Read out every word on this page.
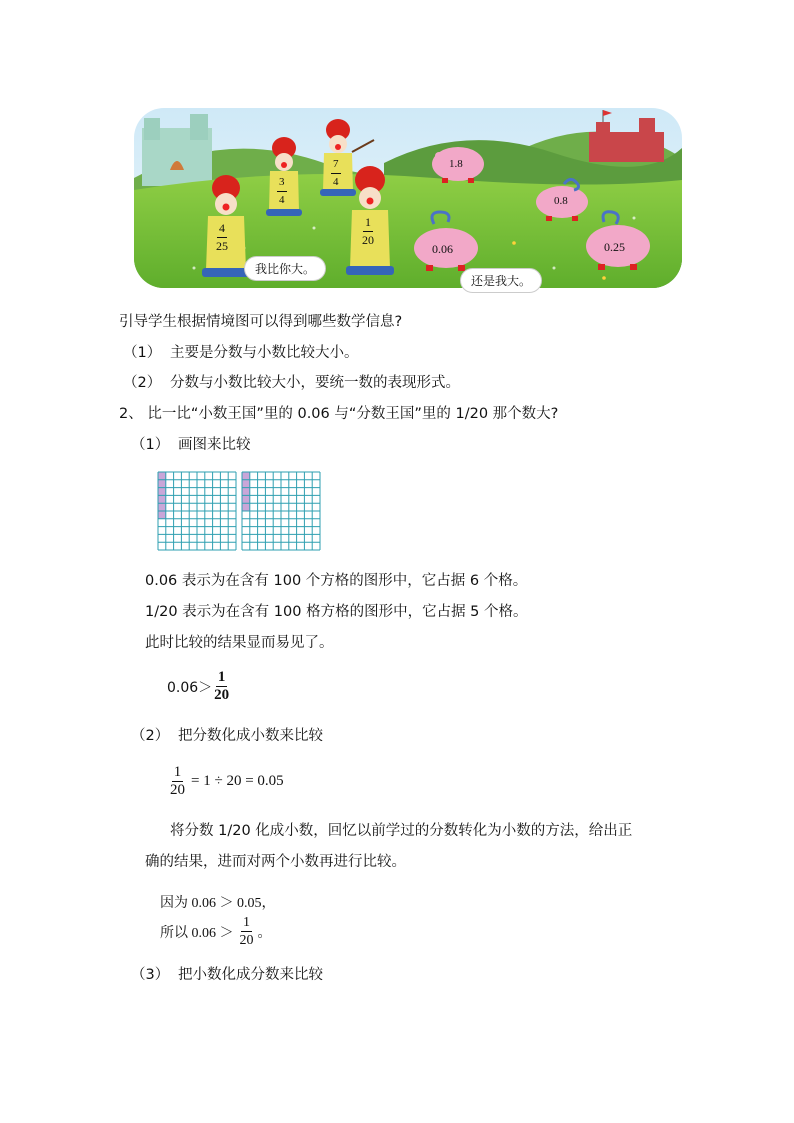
$\frac{4}{25}$
$\frac{3}{4}$
$\frac{7}{4}$
$\frac{1}{20}$
1.8
0.8
0.06	0.25
我比你大。
还是我大。
引导学生根据情境图可以得到哪些数学信息?
（1） 主要是分数与小数比较大小。
（2） 分数与小数比较大小，要统一数的表现形式。
2、 比一比“小数王国”里的 0.06 与“分数王国”里的 1/20 那个数大?
（1） 画图来比较
0.06 表示为在含有 100 个方格的图形中，它占据 6 个格。
1/20 表示为在含有 100 格方格的图形中，它占据 5 个格。
此时比较的结果显而易见了。
$0.06> \frac{1}{20}$
（2） 把分数化成小数来比较
$\frac{1}{20} = 1 \div 20 = 0.05$
将分数 1/20 化成小数，回忆以前学过的分数转化为小数的方法，给出正
确的结果，进而对两个小数再进行比较。
因为 0.06 ＞ 0.05，
所以 $0.06 > \frac{1}{20}$ 。
（3） 把小数化成分数来比较
